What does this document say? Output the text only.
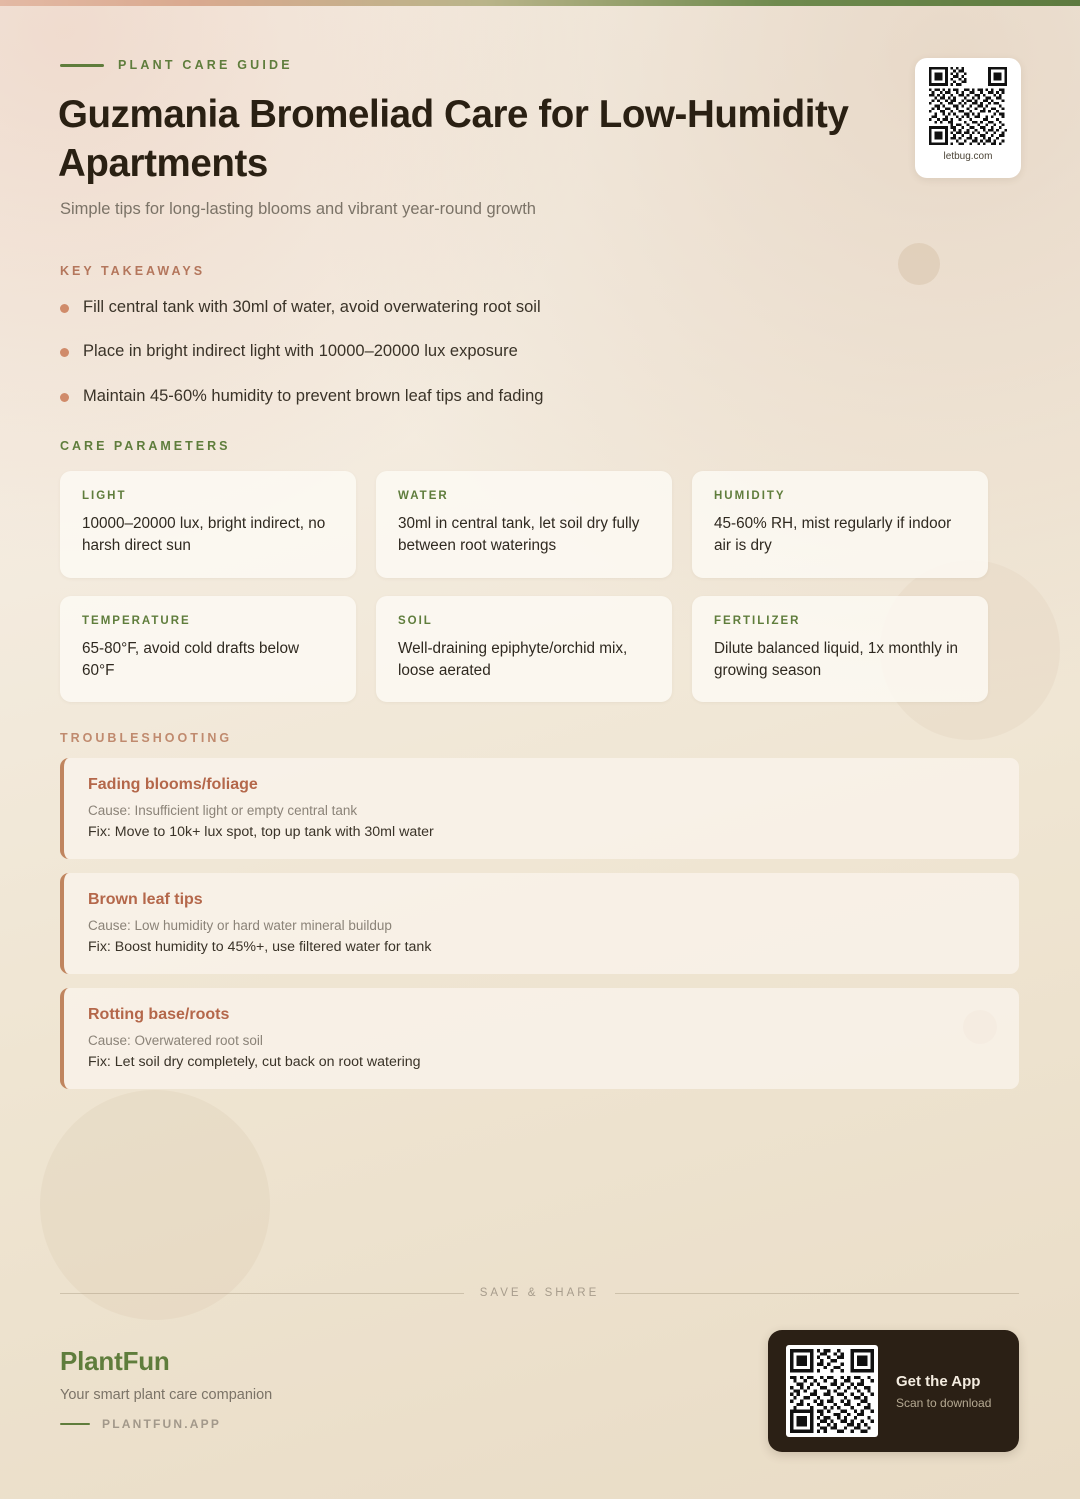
PLANT CARE GUIDE
Guzmania Bromeliad Care for Low-Humidity Apartments
Simple tips for long-lasting blooms and vibrant year-round growth
letbug.com
KEY TAKEAWAYS
Fill central tank with 30ml of water, avoid overwatering root soil
Place in bright indirect light with 10000–20000 lux exposure
Maintain 45-60% humidity to prevent brown leaf tips and fading
CARE PARAMETERS
LIGHT
10000–20000 lux, bright indirect, no harsh direct sun
WATER
30ml in central tank, let soil dry fully between root waterings
HUMIDITY
45-60% RH, mist regularly if indoor air is dry
TEMPERATURE
65-80°F, avoid cold drafts below 60°F
SOIL
Well-draining epiphyte/orchid mix, loose aerated
FERTILIZER
Dilute balanced liquid, 1x monthly in growing season
TROUBLESHOOTING
Fading blooms/foliage
Cause: Insufficient light or empty central tank
Fix: Move to 10k+ lux spot, top up tank with 30ml water
Brown leaf tips
Cause: Low humidity or hard water mineral buildup
Fix: Boost humidity to 45%+, use filtered water for tank
Rotting base/roots
Cause: Overwatered root soil
Fix: Let soil dry completely, cut back on root watering
SAVE & SHARE
PlantFun
Your smart plant care companion
PLANTFUN.APP
Get the App
Scan to download
